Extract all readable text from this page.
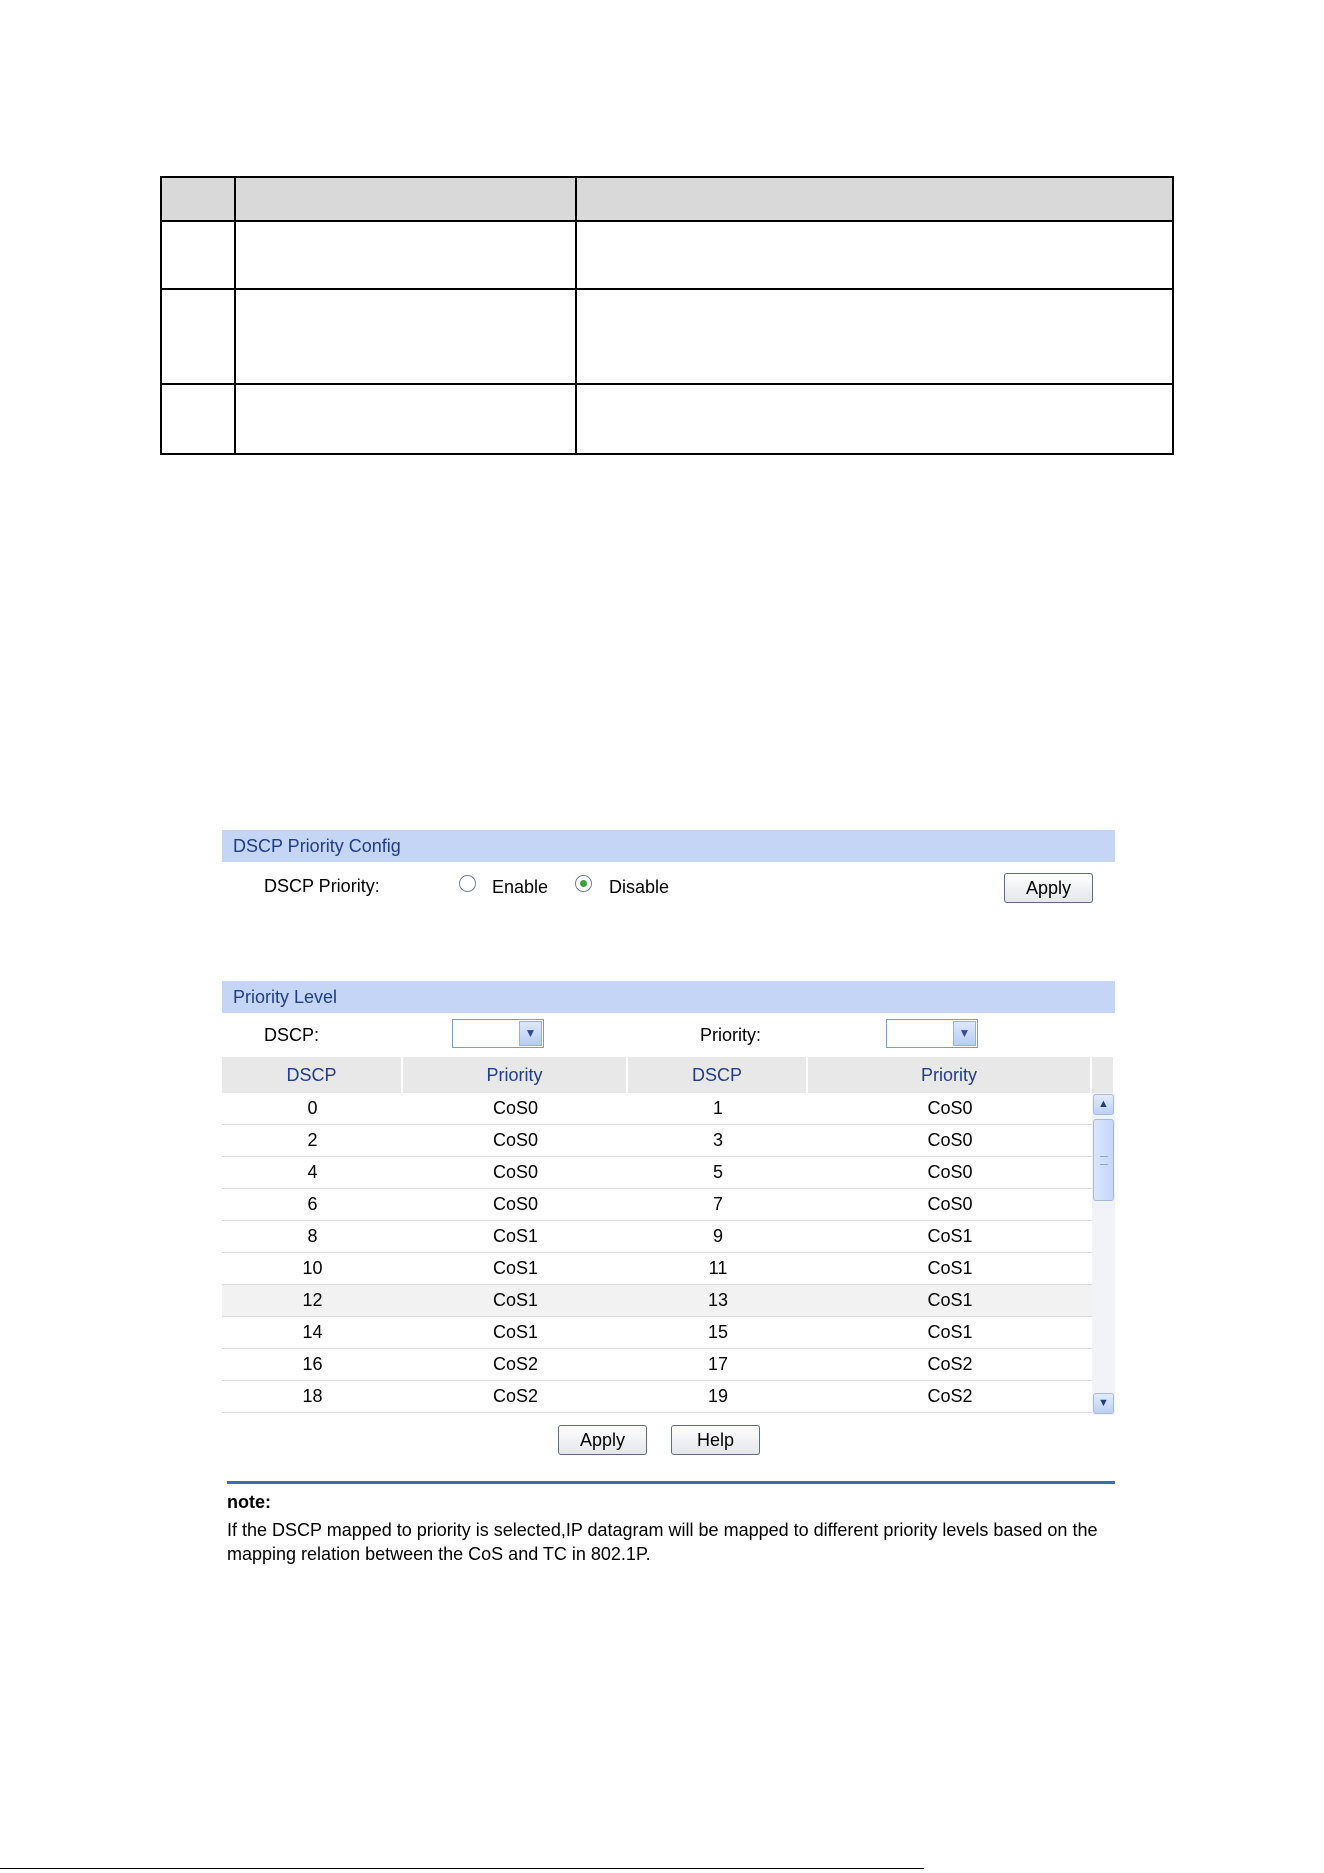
DSCP Priority Config
DSCP Priority:	Enable	Disable	Apply
Priority Level
DSCP:	▼	Priority:	▼
DSCP	Priority	DSCP	Priority
0	CoS0	1	CoS0
2	CoS0	3	CoS0
4	CoS0	5	CoS0
6	CoS0	7	CoS0
8	CoS1	9	CoS1
10	CoS1	11	CoS1
12	CoS1	13	CoS1
14	CoS1	15	CoS1
16	CoS2	17	CoS2
18	CoS2	19	CoS2
▲
▼
Apply	Help
note:
If the DSCP mapped to priority is selected,IP datagram will be mapped to different priority levels based on the mapping relation between the CoS and TC in 802.1P.
